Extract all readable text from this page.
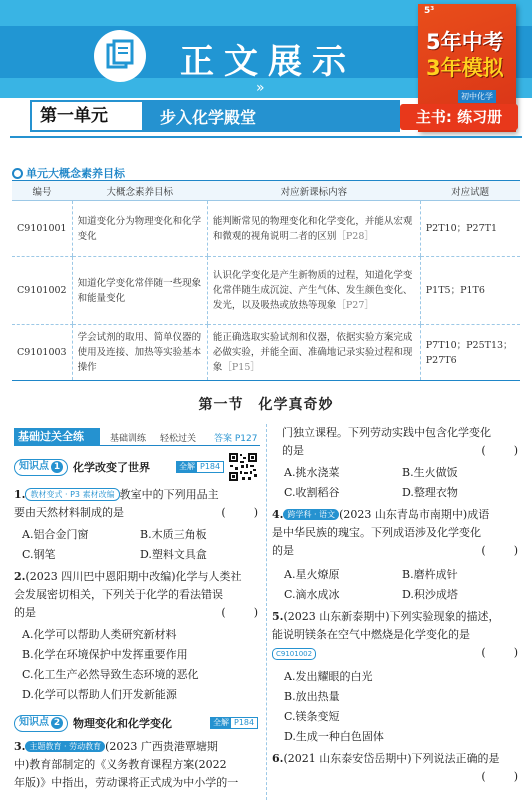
正文展示
»
5³
5年中考
3年模拟
初中化学
主书: 练习册
第一单元	步入化学殿堂
单元大概念素养目标
编号	大概念素养目标	对应新课标内容	对应试题
C9101001	知道变化分为物理变化和化学变化	能判断常见的物理变化和化学变化，并能从宏观和微观的视角说明二者的区别［P28］	P2T10；P27T1
C9101002	知道化学变化常伴随一些现象和能量变化	认识化学变化是产生新物质的过程，知道化学变化常伴随生成沉淀、产生气体、发生颜色变化、发光，以及吸热或放热等现象［P27］	P1T5；P1T6
C9101003	学会试剂的取用、简单仪器的使用及连接、加热等实验基本操作	能正确选取实验试剂和仪器，依据实验方案完成必做实验，并能全面、准确地记录实验过程和现象［P15］	P7T10；P25T13；P27T6
第一节　化学真奇妙
基础过关全练	基础训练 轻松过关 答案 P127
知识点 1 化学改变了世界	全解 P184
1. 教材变式 · P3 素材改编 教室中的下列用品主
要由天然材料制成的是	(　　)
A.铝合金门窗	B.木质三角板
C.钢笔	D.塑料文具盒
2.(2023 四川巴中恩阳期中改编)化学与人类社
会发展密切相关，下列关于化学的看法错误
的是	(　　)
A.化学可以帮助人类研究新材料
B.化学在环境保护中发挥重要作用
C.化工生产必然导致生态环境的恶化
D.化学可以帮助人们开发新能源
知识点 2 物理变化和化学变化	全解 P184
3. 主题教育 · 劳动教育 (2023 广西贵港覃塘期
中)教育部制定的《义务教育课程方案(2022
年版)》中指出，劳动课将正式成为中小学的一
门独立课程。下列劳动实践中包含化学变化
的是	(　　)
A.挑水浇菜	B.生火做饭
C.收割稻谷	D.整理衣物
4. 跨学科 · 语文 (2023 山东青岛市南期中)成语
是中华民族的瑰宝。下列成语涉及化学变化
的是	(　　)
A.星火燎原	B.磨杵成针
C.滴水成冰	D.积沙成塔
5.(2023 山东新泰期中)下列实验现象的描述，
能说明镁条在空气中燃烧是化学变化的是
C9101002	(　　)
A.发出耀眼的白光
B.放出热量
C.镁条变短
D.生成一种白色固体
6.(2021 山东泰安岱岳期中)下列说法正确的是

(　　)
